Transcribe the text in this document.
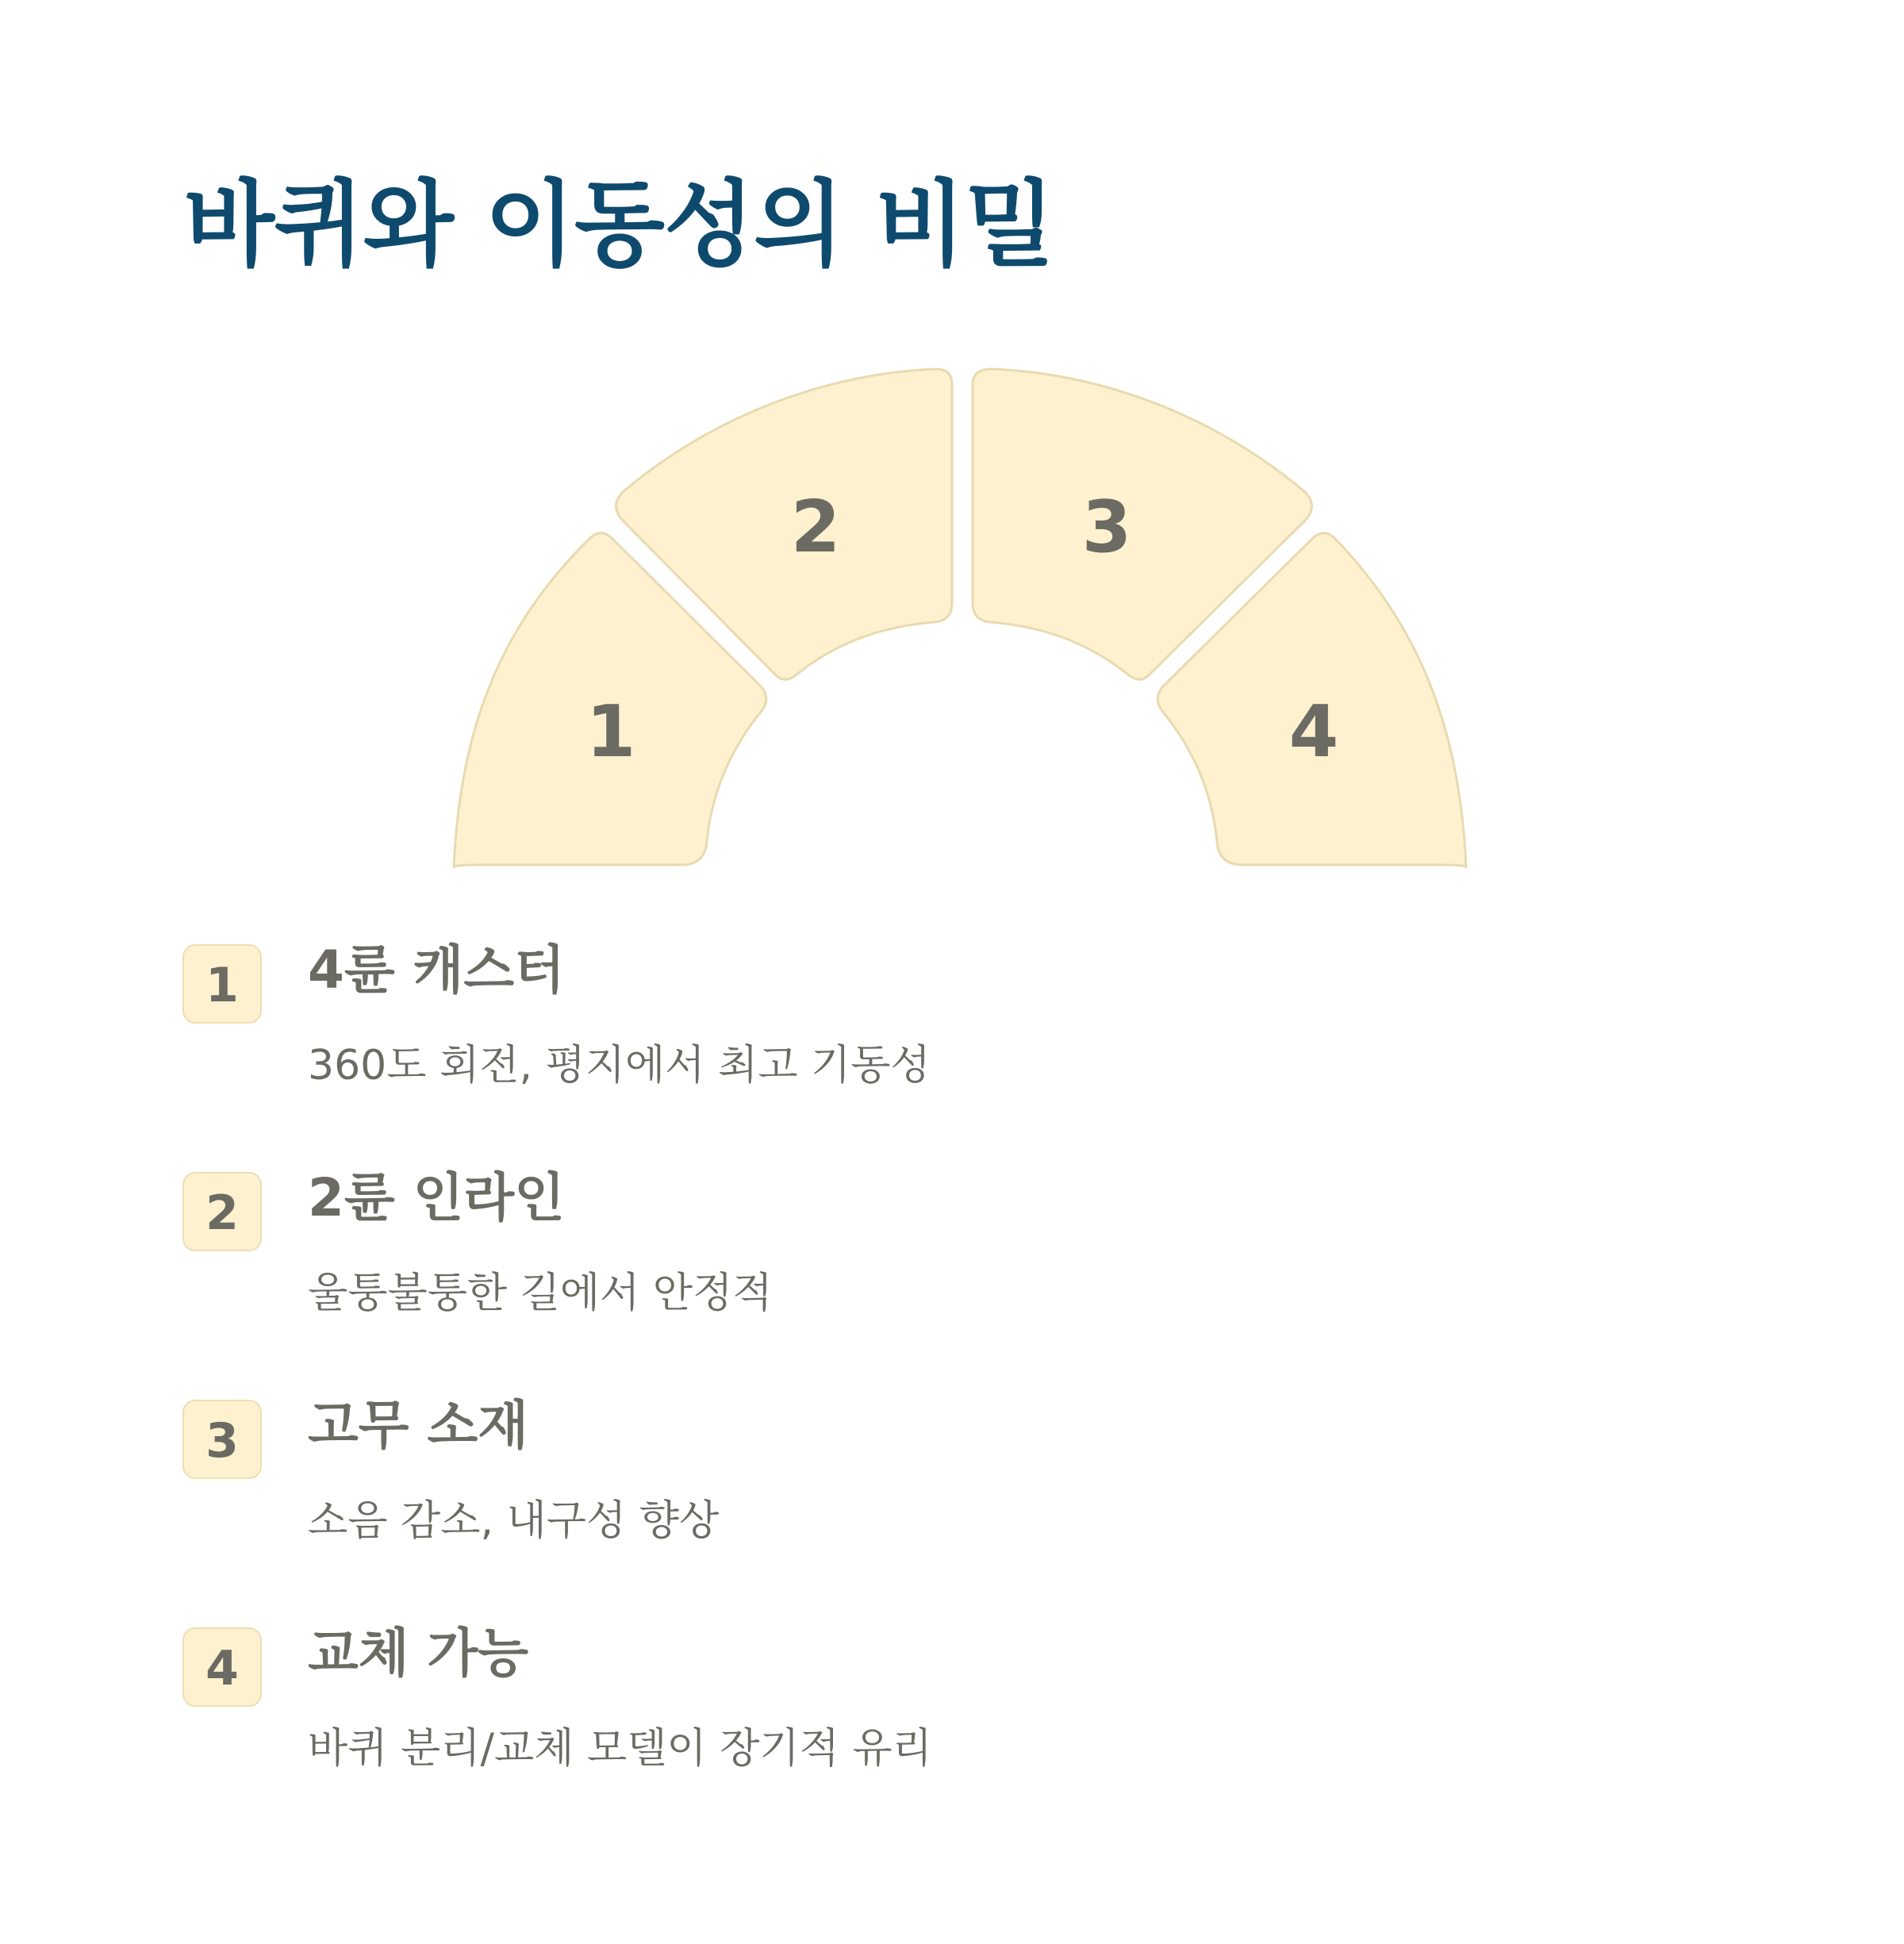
바퀴와 이동성의 비밀
1
2	3
4
1	4륜 캐스터
360도 회전, 평지에서 최고 기동성
2	2륜 인라인
울퉁불퉁한 길에서 안정적
3	고무 소재
소음 감소, 내구성 향상
4	교체 가능
바퀴 분리/교체 모델이 장기적 유리
